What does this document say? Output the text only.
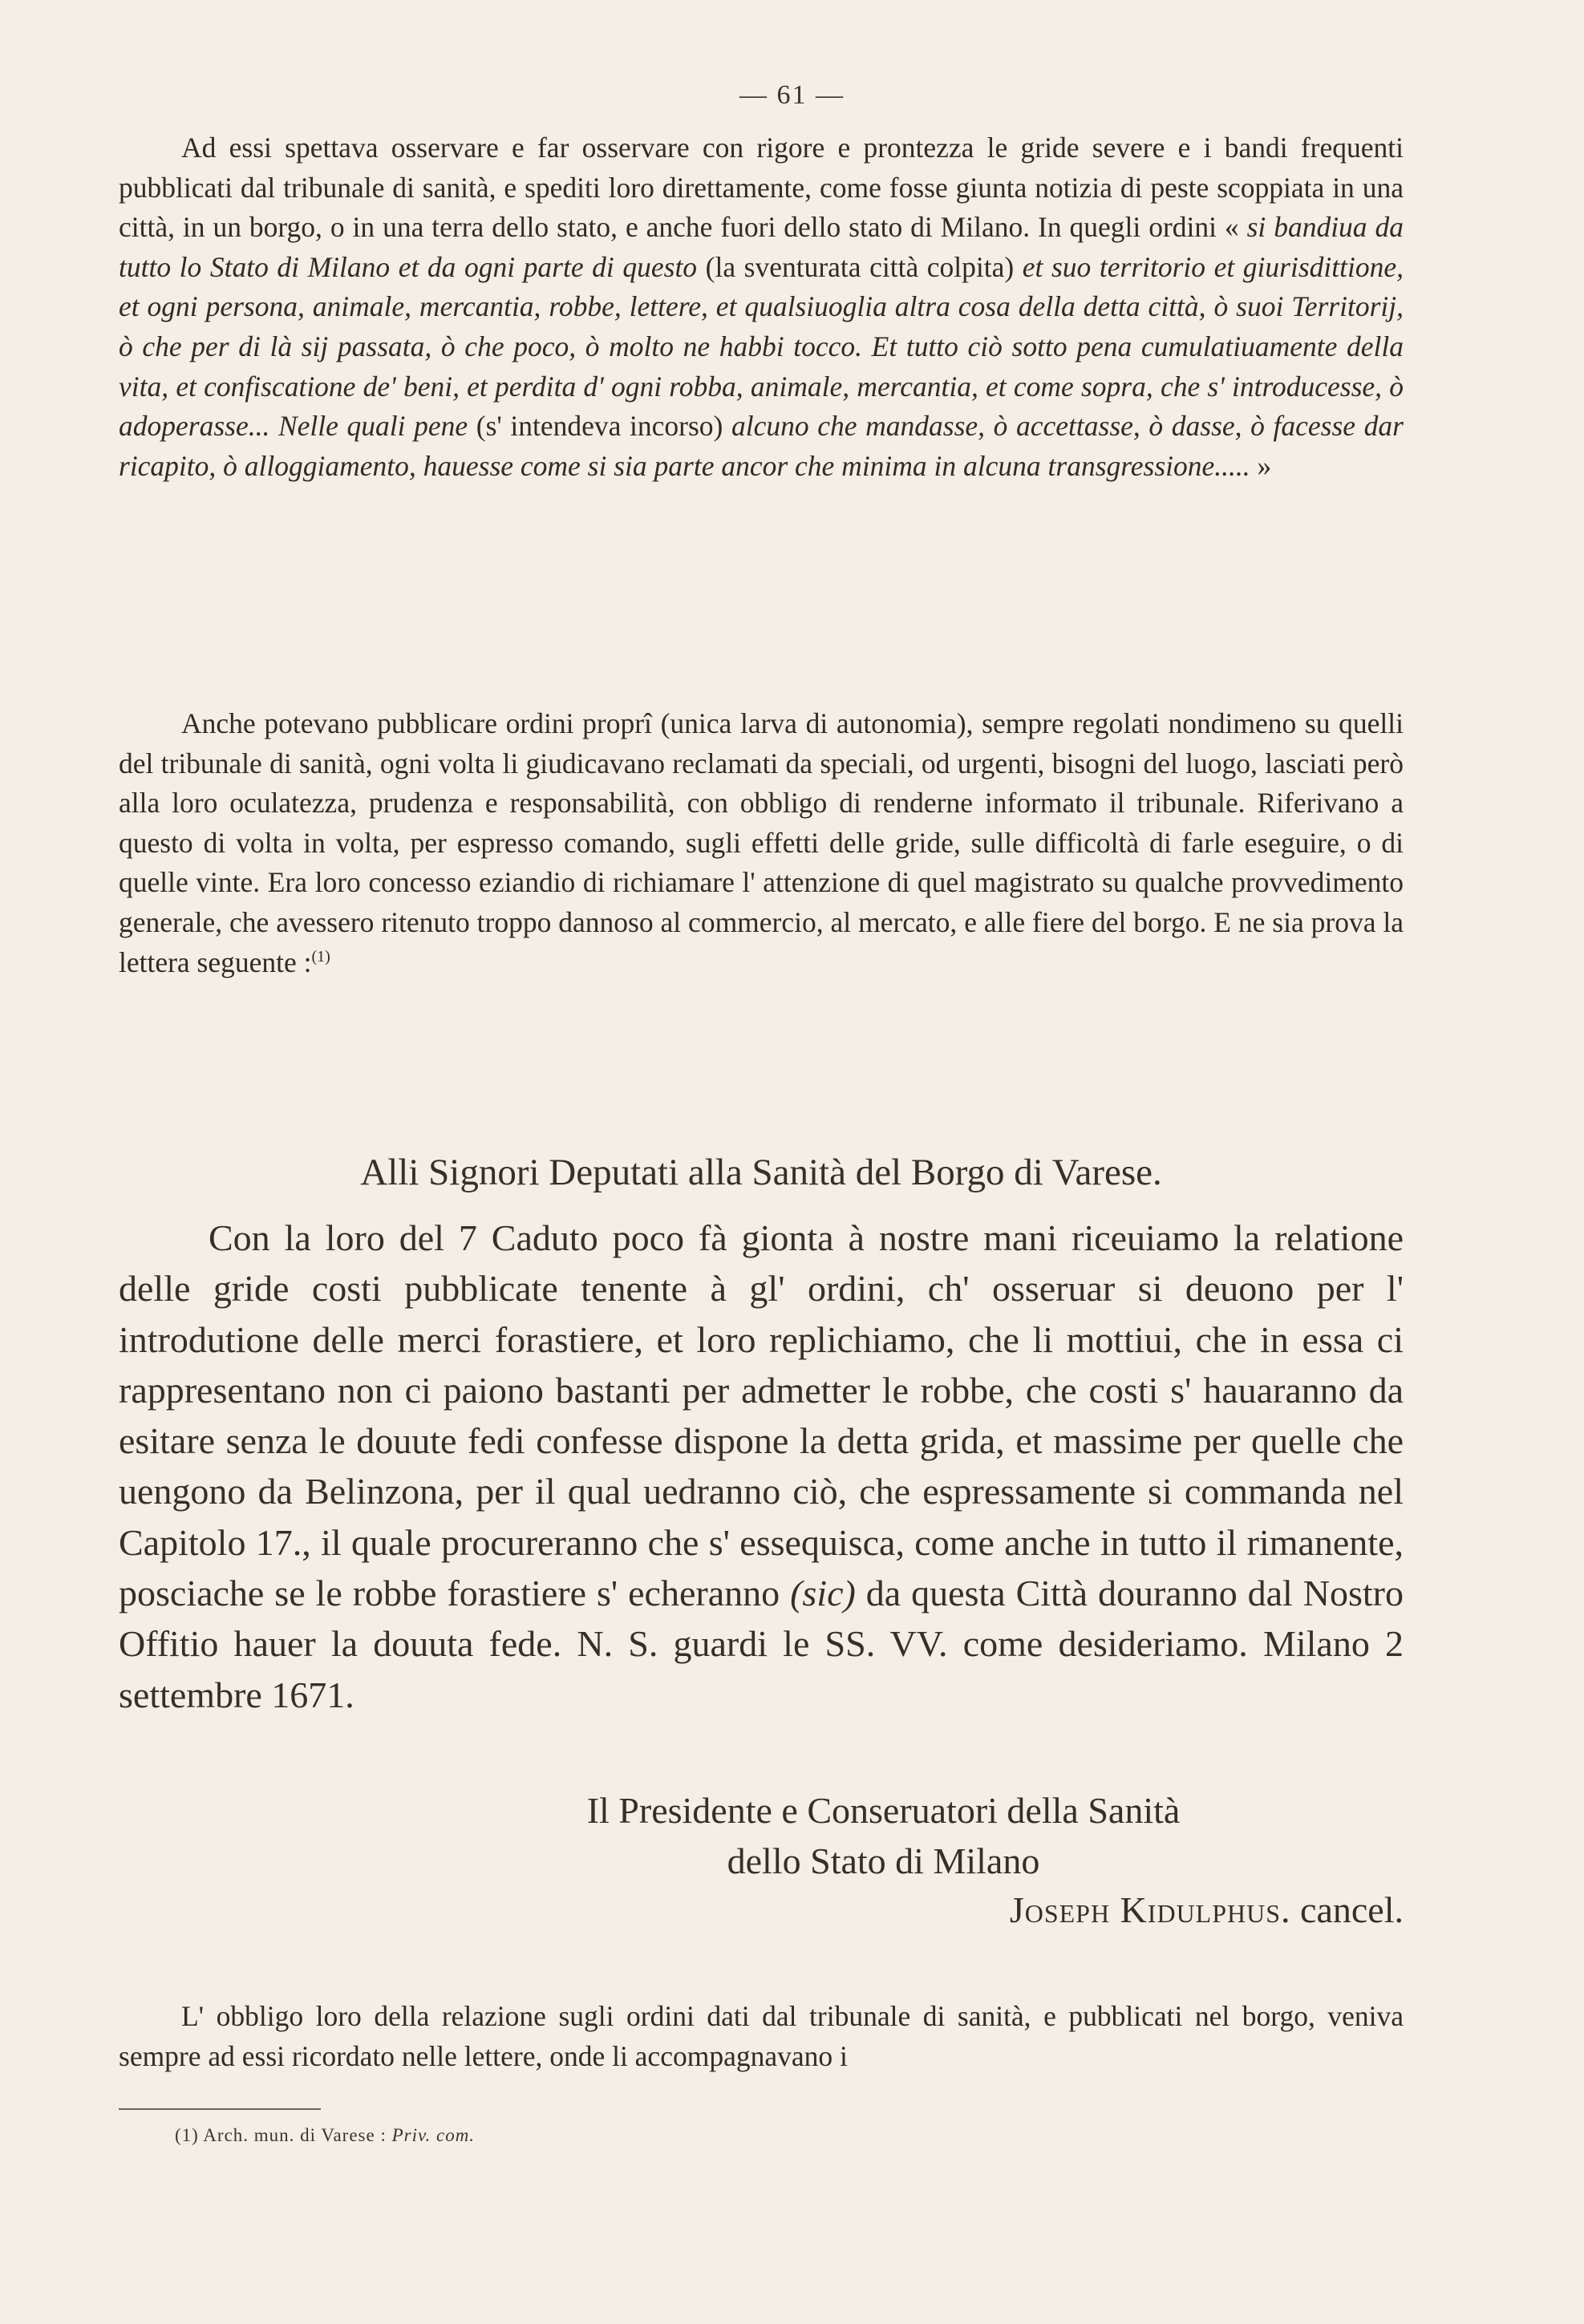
— 61 —

Ad essi spettava osservare e far osservare con rigore e prontezza le gride severe e i bandi frequenti pubblicati dal tribunale di sanità, e spediti loro direttamente, come fosse giunta notizia di peste scoppiata in una città, in un borgo, o in una terra dello stato, e anche fuori dello stato di Milano. In quegli ordini « si bandiua da tutto lo Stato di Milano et da ogni parte di questo (la sventurata città colpita) et suo territorio et giurisdittione, et ogni persona, animale, mercantia, robbe, lettere, et qualsiuoglia altra cosa della detta città, ò suoi Territorij, ò che per di là sij passata, ò che poco, ò molto ne habbi tocco. Et tutto ciò sotto pena cumulatiuamente della vita, et confiscatione de' beni, et perdita d' ogni robba, animale, mercantia, et come sopra, che s' introducesse, ò adoperasse... Nelle quali pene (s' intendeva incorso) alcuno che mandasse, ò accettasse, ò dasse, ò facesse dar ricapito, ò alloggiamento, hauesse come si sia parte ancor che minima in alcuna transgressione..... »

Anche potevano pubblicare ordini proprî (unica larva di autonomia), sempre regolati nondimeno su quelli del tribunale di sanità, ogni volta li giudicavano reclamati da speciali, od urgenti, bisogni del luogo, lasciati però alla loro oculatezza, prudenza e responsabilità, con obbligo di renderne informato il tribunale. Riferivano a questo di volta in volta, per espresso comando, sugli effetti delle gride, sulle difficoltà di farle eseguire, o di quelle vinte. Era loro concesso eziandio di richiamare l' attenzione di quel magistrato su qualche provvedimento generale, che avessero ritenuto troppo dannoso al commercio, al mercato, e alle fiere del borgo. E ne sia prova la lettera seguente :$^{(1)}$

Alli Signori Deputati alla Sanità del Borgo di Varese.

Con la loro del 7 Caduto poco fà gionta à nostre mani riceuiamo la relatione delle gride costi pubblicate tenente à gl' ordini, ch' osseruar si deuono per l' introdutione delle merci forastiere, et loro replichiamo, che li mottiui, che in essa ci rappresentano non ci paiono bastanti per admetter le robbe, che costi s' hauaranno da esitare senza le douute fedi confesse dispone la detta grida, et massime per quelle che uengono da Belinzona, per il qual uedranno ciò, che espressamente si commanda nel Capitolo 17., il quale procureranno che s' essequisca, come anche in tutto il rimanente, posciache se le robbe forastiere s' echeranno (sic) da questa Città douranno dal Nostro Offitio hauer la douuta fede. N. S. guardi le SS. VV. come desideriamo. Milano 2 settembre 1671.

Il Presidente e Conseruatori della Sanità
dello Stato di Milano
Joseph Kidulphus. cancel.

L' obbligo loro della relazione sugli ordini dati dal tribunale di sanità, e pubblicati nel borgo, veniva sempre ad essi ricordato nelle lettere, onde li accompagnavano i

(1) Arch. mun. di Varese : Priv. com.
